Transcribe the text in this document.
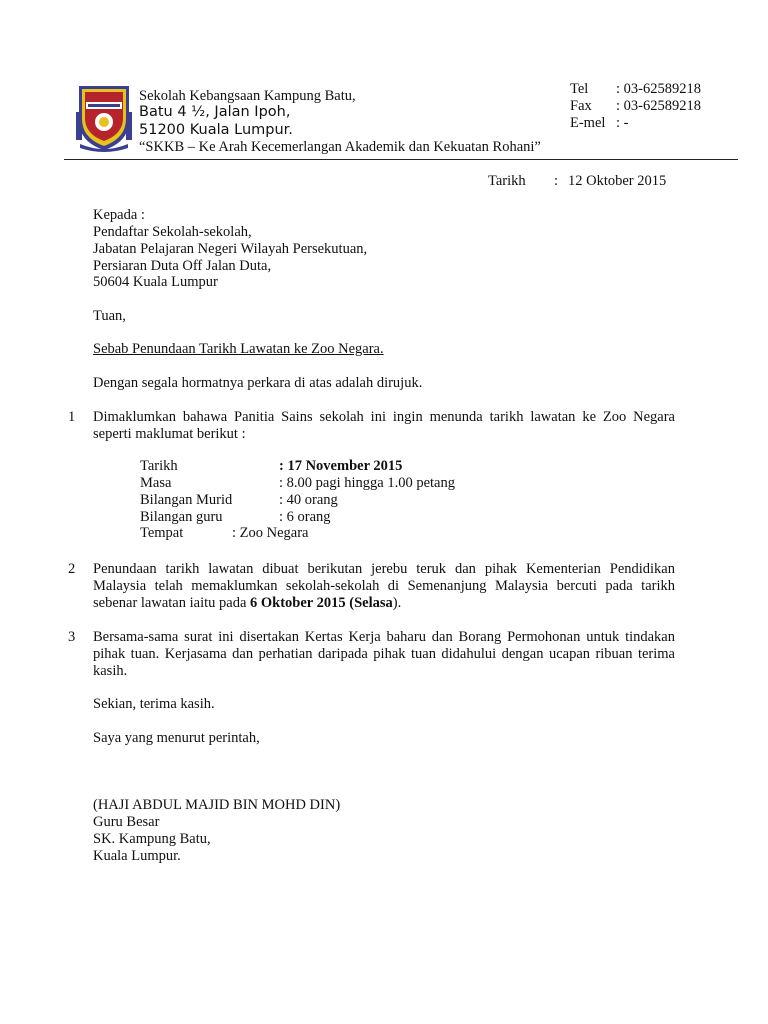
Sekolah Kebangsaan Kampung Batu,
Batu 4 ½, Jalan Ipoh,
51200 Kuala Lumpur.
“SKKB – Ke Arah Kecemerlangan Akademik dan Kekuatan Rohani”
Tel : 03-62589218
Fax : 03-62589218
E-mel : -
Tarikh : 12 Oktober 2015
Kepada :
Pendaftar Sekolah-sekolah,
Jabatan Pelajaran Negeri Wilayah Persekutuan,
Persiaran Duta Off Jalan Duta,
50604 Kuala Lumpur
Tuan,
Sebab Penundaan Tarikh Lawatan ke Zoo Negara.
Dengan segala hormatnya perkara di atas adalah dirujuk.
1 Dimaklumkan bahawa Panitia Sains sekolah ini ingin menunda tarikh lawatan ke Zoo Negara seperti maklumat berikut :
Tarikh	: 17 November 2015
Masa	: 8.00 pagi hingga 1.00 petang
Bilangan Murid	: 40 orang
Bilangan guru	: 6 orang
Tempat	: Zoo Negara
2 Penundaan tarikh lawatan dibuat berikutan jerebu teruk dan pihak Kementerian Pendidikan Malaysia telah memaklumkan sekolah-sekolah di Semenanjung Malaysia bercuti pada tarikh sebenar lawatan iaitu pada 6 Oktober 2015 (Selasa).
3 Bersama-sama surat ini disertakan Kertas Kerja baharu dan Borang Permohonan untuk tindakan pihak tuan. Kerjasama dan perhatian daripada pihak tuan didahului dengan ucapan ribuan terima kasih.
Sekian, terima kasih.
Saya yang menurut perintah,
(HAJI ABDUL MAJID BIN MOHD DIN)
Guru Besar
SK. Kampung Batu,
Kuala Lumpur.
